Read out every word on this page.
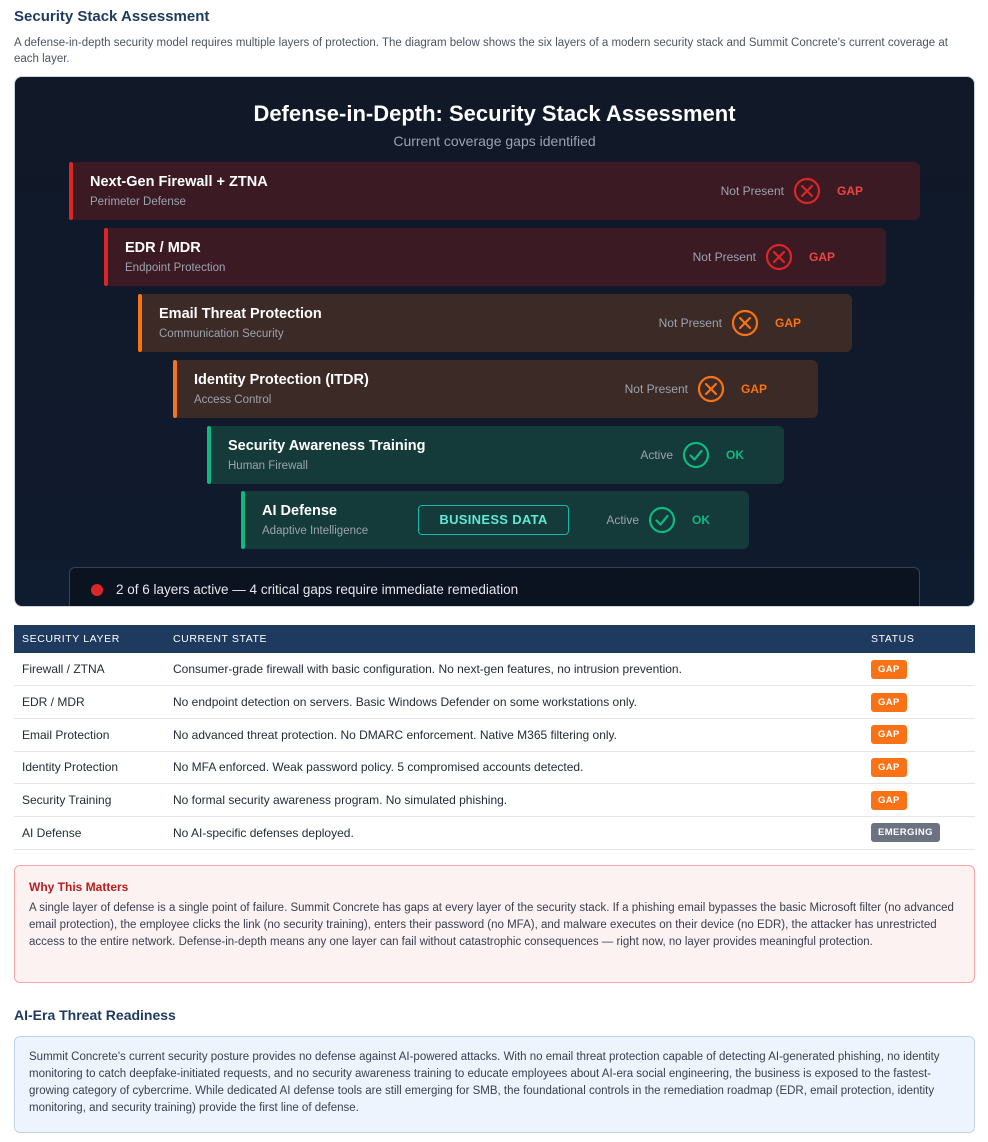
Security Stack Assessment
A defense-in-depth security model requires multiple layers of protection. The diagram below shows the six layers of a modern security stack and Summit Concrete's current coverage at each layer.
Defense-in-Depth: Security Stack Assessment
Current coverage gaps identified
Next-Gen Firewall + ZTNA
Perimeter Defense
Not Present	GAP
EDR / MDR
Endpoint Protection
Not Present	GAP
Email Threat Protection
Communication Security
Not Present	GAP
Identity Protection (ITDR)
Access Control
Not Present	GAP
Security Awareness Training
Human Firewall
Active	OK
AI Defense
Adaptive Intelligence
BUSINESS DATA	Active	OK
2 of 6 layers active — 4 critical gaps require immediate remediation
SECURITY LAYER	CURRENT STATE	STATUS
Firewall / ZTNA	Consumer-grade firewall with basic configuration. No next-gen features, no intrusion prevention.	GAP
EDR / MDR	No endpoint detection on servers. Basic Windows Defender on some workstations only.	GAP
Email Protection	No advanced threat protection. No DMARC enforcement. Native M365 filtering only.	GAP
Identity Protection	No MFA enforced. Weak password policy. 5 compromised accounts detected.	GAP
Security Training	No formal security awareness program. No simulated phishing.	GAP
AI Defense	No AI-specific defenses deployed.	EMERGING
Why This Matters
A single layer of defense is a single point of failure. Summit Concrete has gaps at every layer of the security stack. If a phishing email bypasses the basic Microsoft filter (no advanced email protection), the employee clicks the link (no security training), enters their password (no MFA), and malware executes on their device (no EDR), the attacker has unrestricted access to the entire network. Defense-in-depth means any one layer can fail without catastrophic consequences — right now, no layer provides meaningful protection.
AI-Era Threat Readiness
Summit Concrete's current security posture provides no defense against AI-powered attacks. With no email threat protection capable of detecting AI-generated phishing, no identity monitoring to catch deepfake-initiated requests, and no security awareness training to educate employees about AI-era social engineering, the business is exposed to the fastest-growing category of cybercrime. While dedicated AI defense tools are still emerging for SMB, the foundational controls in the remediation roadmap (EDR, email protection, identity monitoring, and security training) provide the first line of defense.
